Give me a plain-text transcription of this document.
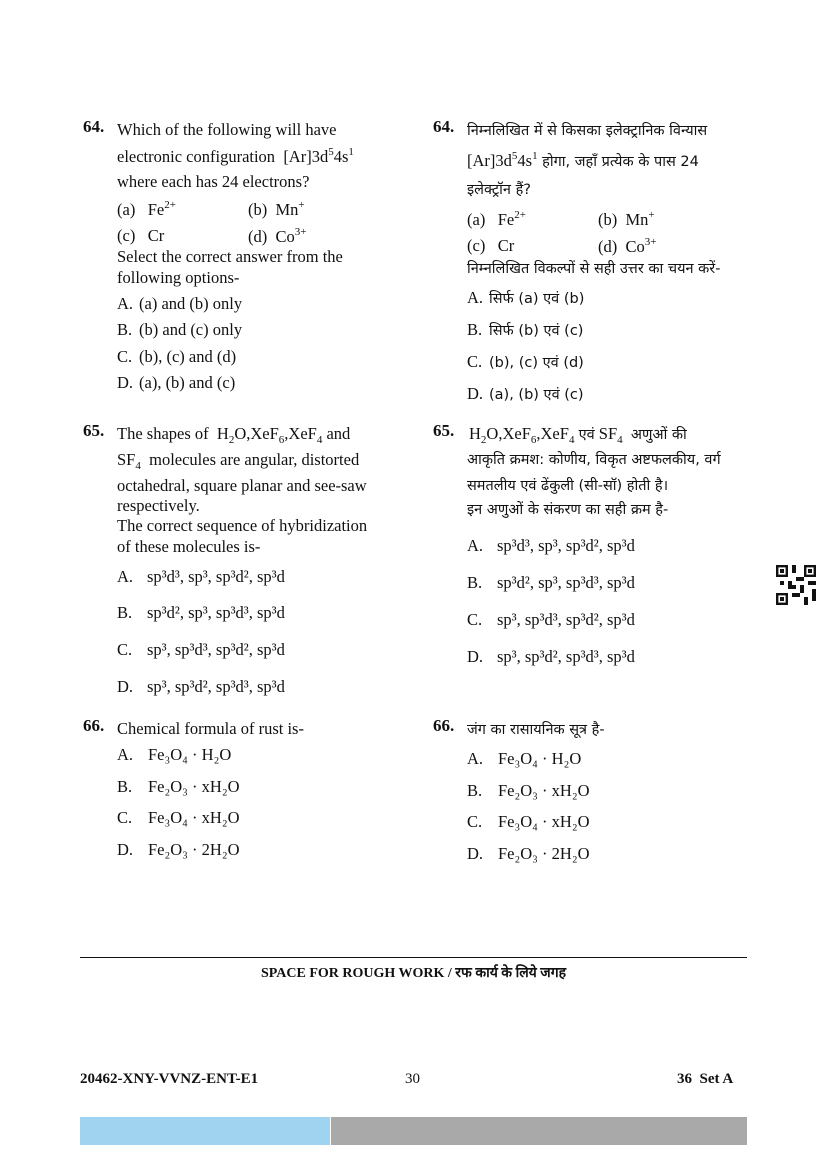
64. Which of the following will have
electronic configuration $[Ar]3d^54s^1$
where each has 24 electrons?
(a) $Fe^{2+}$	(b) Mn+
(c) Cr	(d) $Co^{3+}$
Select the correct answer from the
following options-
A. (a) and (b) only
B. (b) and (c) only
C. (b), (c) and (d)
D. (a), (b) and (c)
64. निम्नलिखित में से किसका इलेक्ट्रानिक विन्यास
$[Ar]3d^54s^1$ होगा, जहाँ प्रत्येक के पास 24
इलेक्ट्रॉन हैं?
(a) $Fe^{2+}$	(b) Mn+
(c) Cr	(d) $Co^{3+}$
निम्नलिखित विकल्पों से सही उत्तर का चयन करें-
A. सिर्फ (a) एवं (b)
B. सिर्फ (b) एवं (c)
C. (b), (c) एवं (d)
D. (a), (b) एवं (c)
65. The shapes of  $H_2O,XeF_6,XeF_4$ and
$SF_4$ molecules are angular, distorted
octahedral, square planar and see-saw
respectively.
The correct sequence of hybridization
of these molecules is-
A. sp³d³, sp³, sp³d², sp³d
B. sp³d², sp³, sp³d³, sp³d
C. sp³, sp³d³, sp³d², sp³d
D. sp³, sp³d², sp³d³, sp³d
65. $H_2O,XeF_6,XeF_4$ एवं $SF_4$ अणुओं की
आकृति क्रमश: कोणीय, विकृत अष्टफलकीय, वर्ग
समतलीय एवं ढेंकुली (सी-सॉ) होती है।
इन अणुओं के संकरण का सही क्रम है-
A. sp³d³, sp³, sp³d², sp³d
B. sp³d², sp³, sp³d³, sp³d
C. sp³, sp³d³, sp³d², sp³d
D. sp³, sp³d², sp³d³, sp³d
66. Chemical formula of rust is-
A. Fe₃O₄ · H₂O
B. Fe₂O₃ · xH₂O
C. Fe₃O₄ · xH₂O
D. Fe₂O₃ · 2H₂O
66. जंग का रासायनिक सूत्र है-
A. Fe₃O₄ · H₂O
B. Fe₂O₃ · xH₂O
C. Fe₃O₄ · xH₂O
D. Fe₂O₃ · 2H₂O
SPACE FOR ROUGH WORK / रफ कार्य के लिये जगह
20462-XNY-VVNZ-ENT-E1	30	36  Set A
